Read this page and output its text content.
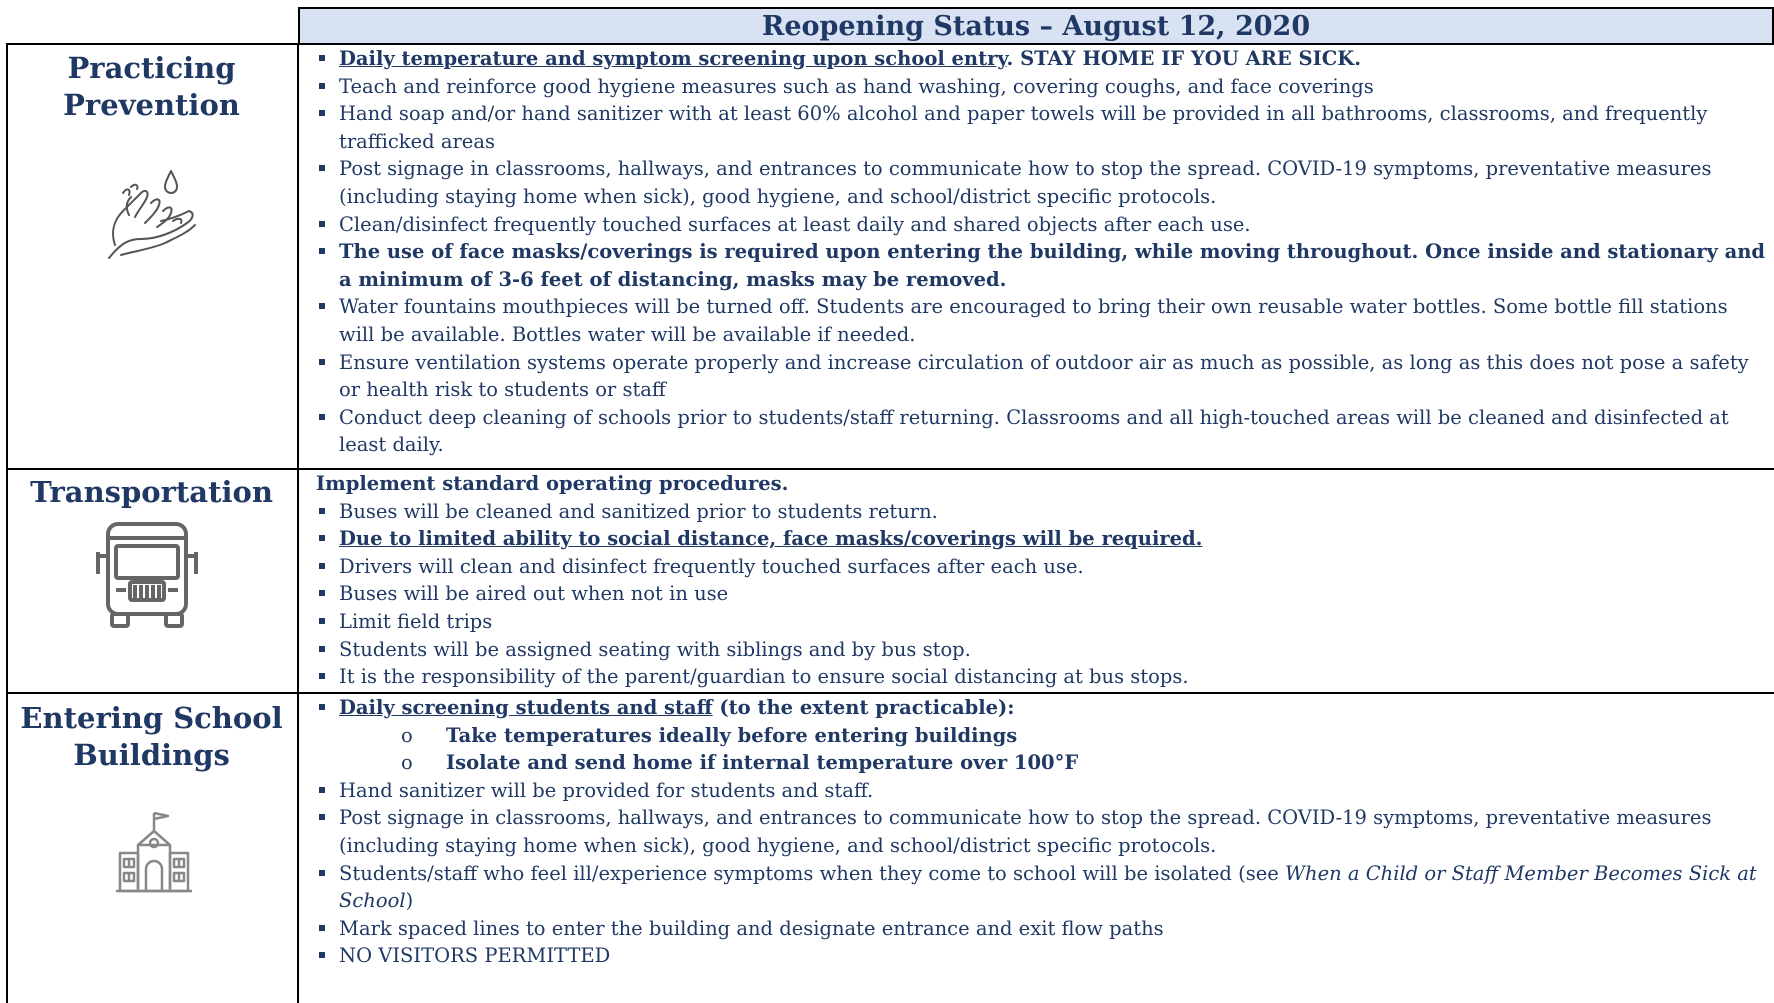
Reopening Status – August 12, 2020
Practicing
Prevention
Daily temperature and symptom screening upon school entry. STAY HOME IF YOU ARE SICK.
Teach and reinforce good hygiene measures such as hand washing, covering coughs, and face coverings
Hand soap and/or hand sanitizer with at least 60% alcohol and paper towels will be provided in all bathrooms, classrooms, and frequently trafficked areas
Post signage in classrooms, hallways, and entrances to communicate how to stop the spread. COVID-19 symptoms, preventative measures (including staying home when sick), good hygiene, and school/district specific protocols.
Clean/disinfect frequently touched surfaces at least daily and shared objects after each use.
The use of face masks/coverings is required upon entering the building, while moving throughout. Once inside and stationary and a minimum of 3-6 feet of distancing, masks may be removed.
Water fountains mouthpieces will be turned off. Students are encouraged to bring their own reusable water bottles. Some bottle fill stations will be available. Bottles water will be available if needed.
Ensure ventilation systems operate properly and increase circulation of outdoor air as much as possible, as long as this does not pose a safety or health risk to students or staff
Conduct deep cleaning of schools prior to students/staff returning. Classrooms and all high-touched areas will be cleaned and disinfected at least daily.
Transportation	Implement standard operating procedures.
Buses will be cleaned and sanitized prior to students return.
Due to limited ability to social distance, face masks/coverings will be required.
Drivers will clean and disinfect frequently touched surfaces after each use.
Buses will be aired out when not in use
Limit field trips
Students will be assigned seating with siblings and by bus stop.
It is the responsibility of the parent/guardian to ensure social distancing at bus stops.
Entering School
Buildings
Daily screening students and staff (to the extent practicable):
o Take temperatures ideally before entering buildings
o Isolate and send home if internal temperature over 100°F
Hand sanitizer will be provided for students and staff.
Post signage in classrooms, hallways, and entrances to communicate how to stop the spread. COVID-19 symptoms, preventative measures (including staying home when sick), good hygiene, and school/district specific protocols.
Students/staff who feel ill/experience symptoms when they come to school will be isolated (see When a Child or Staff Member Becomes Sick at School)
Mark spaced lines to enter the building and designate entrance and exit flow paths
NO VISITORS PERMITTED
